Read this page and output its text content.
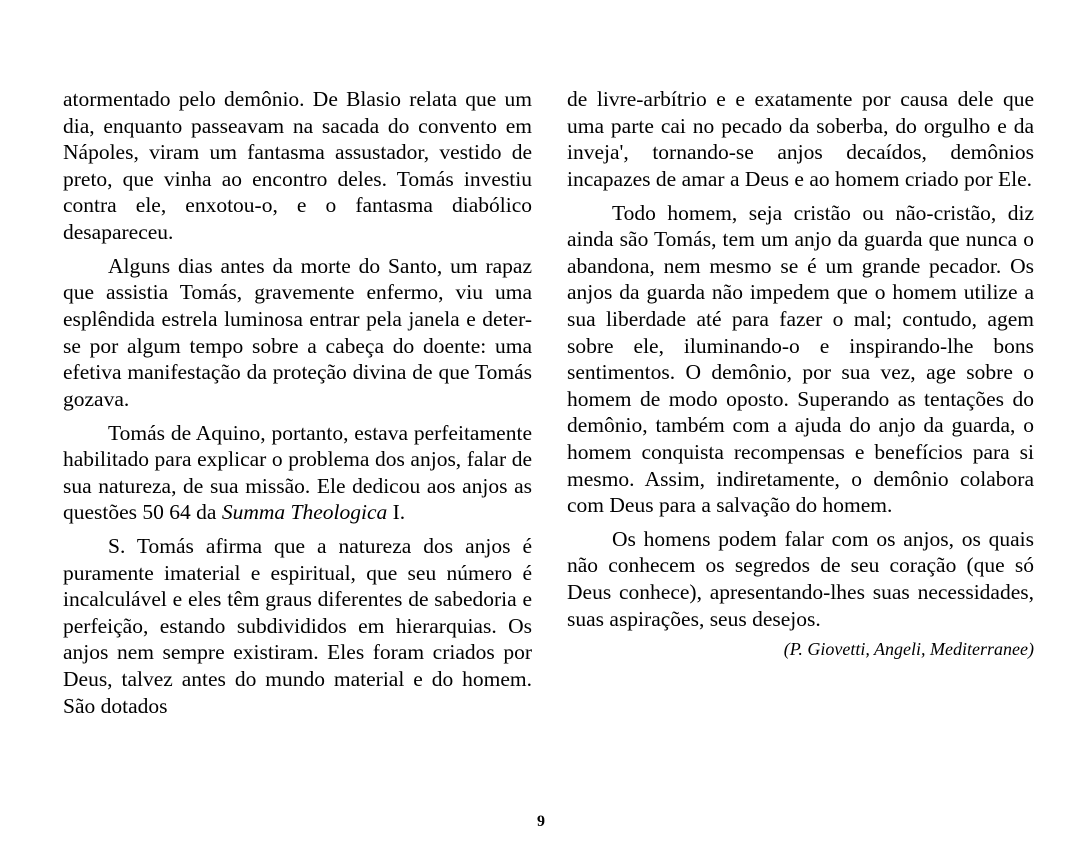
atormentado pelo demônio. De Blasio relata que um dia, enquanto passeavam na sacada do convento em Nápoles, viram um fantasma assustador, vestido de preto, que vinha ao encontro deles. Tomás investiu contra ele, enxotou-o, e o fantasma diabólico desapareceu.

Alguns dias antes da morte do Santo, um rapaz que assistia Tomás, gravemente enfermo, viu uma esplêndida estrela luminosa entrar pela janela e deter-se por algum tempo sobre a cabeça do doente: uma efetiva manifestação da proteção divina de que Tomás gozava.

Tomás de Aquino, portanto, estava perfeitamente habilitado para explicar o problema dos anjos, falar de sua natureza, de sua missão. Ele dedicou aos anjos as questões 50 64 da Summa Theologica I.

S. Tomás afirma que a natureza dos anjos é puramente imaterial e espiritual, que seu número é incalculável e eles têm graus diferentes de sabedoria e perfeição, estando subdivididos em hierarquias. Os anjos nem sempre existiram. Eles foram criados por Deus, talvez antes do mundo material e do homem. São dotados

de livre-arbítrio e e exatamente por causa dele que uma parte cai no pecado da soberba, do orgulho e da inveja', tornando-se anjos decaídos, demônios incapazes de amar a Deus e ao homem criado por Ele.

Todo homem, seja cristão ou não-cristão, diz ainda são Tomás, tem um anjo da guarda que nunca o abandona, nem mesmo se é um grande pecador. Os anjos da guarda não impedem que o homem utilize a sua liberdade até para fazer o mal; contudo, agem sobre ele, iluminando-o e inspirando-lhe bons sentimentos. O demônio, por sua vez, age sobre o homem de modo oposto. Superando as tentações do demônio, também com a ajuda do anjo da guarda, o homem conquista recompensas e benefícios para si mesmo. Assim, indiretamente, o demônio colabora com Deus para a salvação do homem.

Os homens podem falar com os anjos, os quais não conhecem os segredos de seu coração (que só Deus conhece), apresentando-lhes suas necessidades, suas aspirações, seus desejos.

(P. Giovetti, Angeli, Mediterranee)
9
